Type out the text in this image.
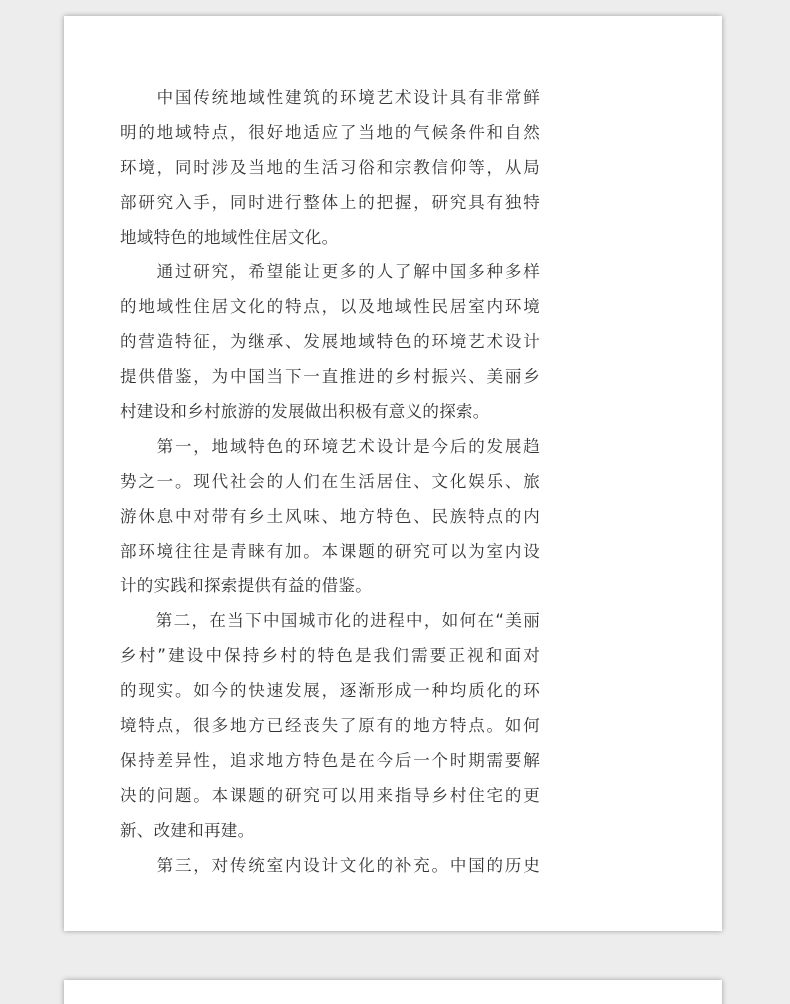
　　中国传统地域性建筑的环境艺术设计具有非常鲜
明的地域特点，很好地适应了当地的气候条件和自然
环境，同时涉及当地的生活习俗和宗教信仰等，从局
部研究入手，同时进行整体上的把握，研究具有独特
地域特色的地域性住居文化。
　　通过研究，希望能让更多的人了解中国多种多样
的地域性住居文化的特点，以及地域性民居室内环境
的营造特征，为继承、发展地域特色的环境艺术设计
提供借鉴，为中国当下一直推进的乡村振兴、美丽乡
村建设和乡村旅游的发展做出积极有意义的探索。
　　第一，地域特色的环境艺术设计是今后的发展趋
势之一。现代社会的人们在生活居住、文化娱乐、旅
游休息中对带有乡土风味、地方特色、民族特点的内
部环境往往是青睐有加。本课题的研究可以为室内设
计的实践和探索提供有益的借鉴。
　　第二，在当下中国城市化的进程中，如何在“美丽
乡村”建设中保持乡村的特色是我们需要正视和面对
的现实。如今的快速发展，逐渐形成一种均质化的环
境特点，很多地方已经丧失了原有的地方特点。如何
保持差异性，追求地方特色是在今后一个时期需要解
决的问题。本课题的研究可以用来指导乡村住宅的更
新、改建和再建。
　　第三，对传统室内设计文化的补充。中国的历史
